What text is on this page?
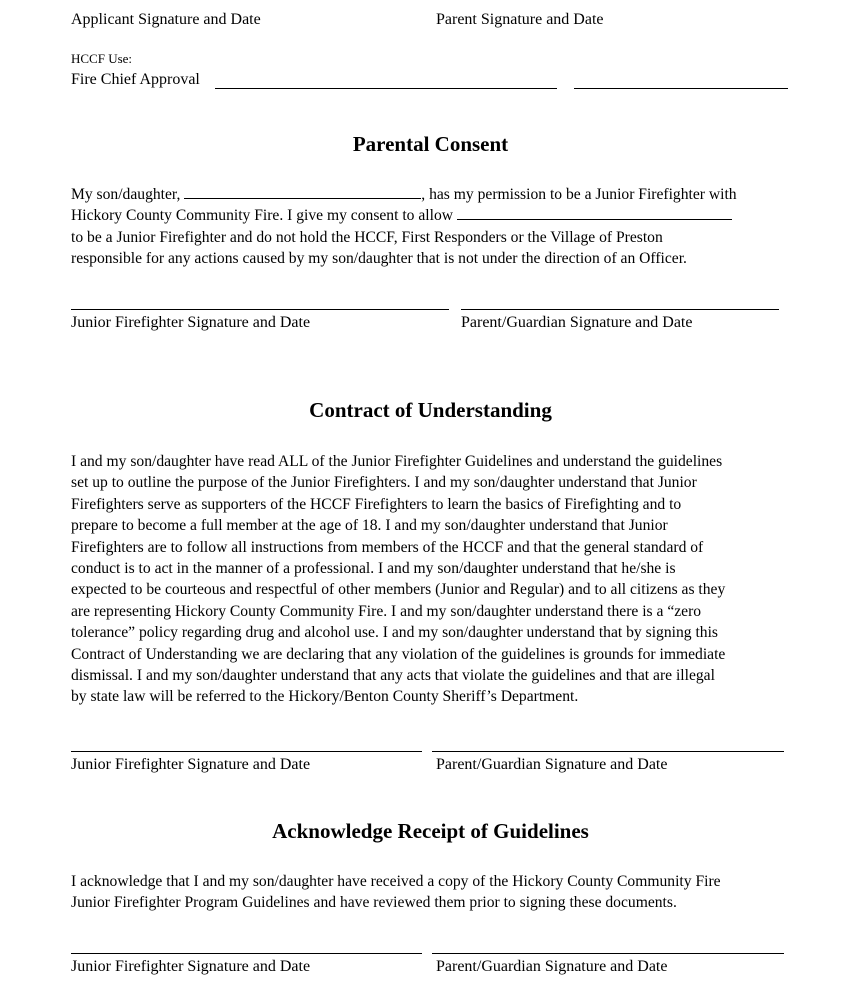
Applicant Signature and Date	Parent Signature and Date
HCCF Use:
Fire Chief Approval
Parental Consent
My son/daughter,	, has my permission to be a Junior Firefighter with
Hickory County Community Fire. I give my consent to allow
to be a Junior Firefighter and do not hold the HCCF, First Responders or the Village of Preston
responsible for any actions caused by my son/daughter that is not under the direction of an Officer.
Junior Firefighter Signature and Date	Parent/Guardian Signature and Date
Contract of Understanding
I and my son/daughter have read ALL of the Junior Firefighter Guidelines and understand the guidelines
set up to outline the purpose of the Junior Firefighters. I and my son/daughter understand that Junior
Firefighters serve as supporters of the HCCF Firefighters to learn the basics of Firefighting and to
prepare to become a full member at the age of 18. I and my son/daughter understand that Junior
Firefighters are to follow all instructions from members of the HCCF and that the general standard of
conduct is to act in the manner of a professional. I and my son/daughter understand that he/she is
expected to be courteous and respectful of other members (Junior and Regular) and to all citizens as they
are representing Hickory County Community Fire. I and my son/daughter understand there is a “zero
tolerance” policy regarding drug and alcohol use. I and my son/daughter understand that by signing this
Contract of Understanding we are declaring that any violation of the guidelines is grounds for immediate
dismissal. I and my son/daughter understand that any acts that violate the guidelines and that are illegal
by state law will be referred to the Hickory/Benton County Sheriff’s Department.
Junior Firefighter Signature and Date	Parent/Guardian Signature and Date
Acknowledge Receipt of Guidelines
I acknowledge that I and my son/daughter have received a copy of the Hickory County Community Fire
Junior Firefighter Program Guidelines and have reviewed them prior to signing these documents.
Junior Firefighter Signature and Date	Parent/Guardian Signature and Date
